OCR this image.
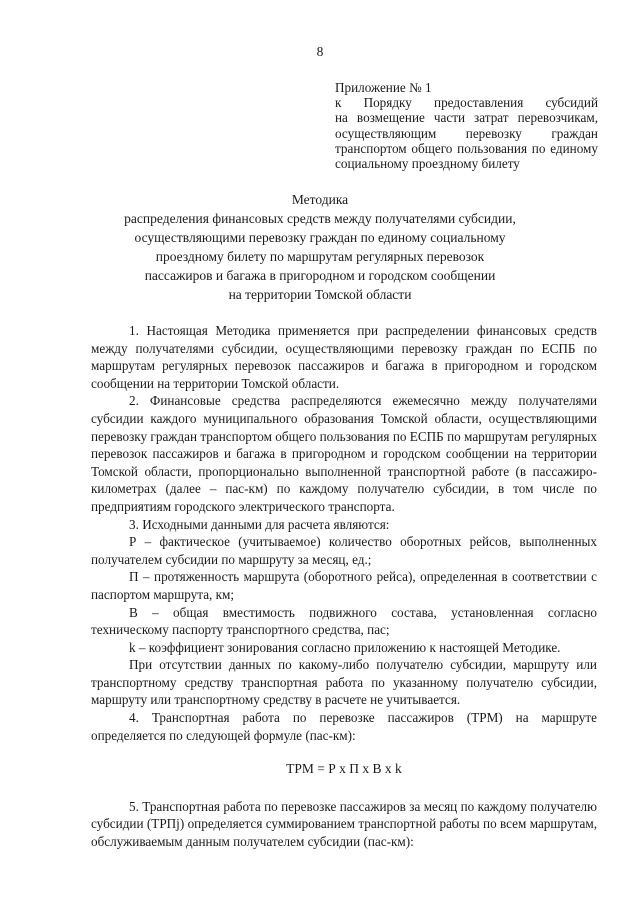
8
Приложение № 1
к Порядку предоставления субсидий
на возмещение части затрат перевозчикам,
осуществляющим перевозку граждан
транспортом общего пользования по единому
социальному проездному билету
Методика
распределения финансовых средств между получателями субсидии,
осуществляющими перевозку граждан по единому социальному
проездному билету по маршрутам регулярных перевозок
пассажиров и багажа в пригородном и городском сообщении
на территории Томской области

1. Настоящая Методика применяется при распределении финансовых средств между получателями субсидии, осуществляющими перевозку граждан по ЕСПБ по маршрутам регулярных перевозок пассажиров и багажа в пригородном и городском сообщении на территории Томской области.

2. Финансовые средства распределяются ежемесячно между получателями субсидии каждого муниципального образования Томской области, осуществляющими перевозку граждан транспортом общего пользования по ЕСПБ по маршрутам регулярных перевозок пассажиров и багажа в пригородном и городском сообщении на территории Томской области, пропорционально выполненной транспортной работе (в пассажиро-километрах (далее – пас-км) по каждому получателю субсидии, в том числе по предприятиям городского электрического транспорта.

3. Исходными данными для расчета являются:

Р – фактическое (учитываемое) количество оборотных рейсов, выполненных получателем субсидии по маршруту за месяц, ед.;

П – протяженность маршрута (оборотного рейса), определенная в соответствии с паспортом маршрута, км;

В – общая вместимость подвижного состава, установленная согласно техническому паспорту транспортного средства, пас;

k – коэффициент зонирования согласно приложению к настоящей Методике.

При отсутствии данных по какому-либо получателю субсидии, маршруту или транспортному средству транспортная работа по указанному получателю субсидии, маршруту или транспортному средству в расчете не учитывается.

4. Транспортная работа по перевозке пассажиров (ТРМ) на маршруте определяется по следующей формуле (пас-км):

ТРМ = Р х П х В х k

5. Транспортная работа по перевозке пассажиров за месяц по каждому получателю субсидии (ТРПj) определяется суммированием транспортной работы по всем маршрутам, обслуживаемым данным получателем субсидии (пас-км):
